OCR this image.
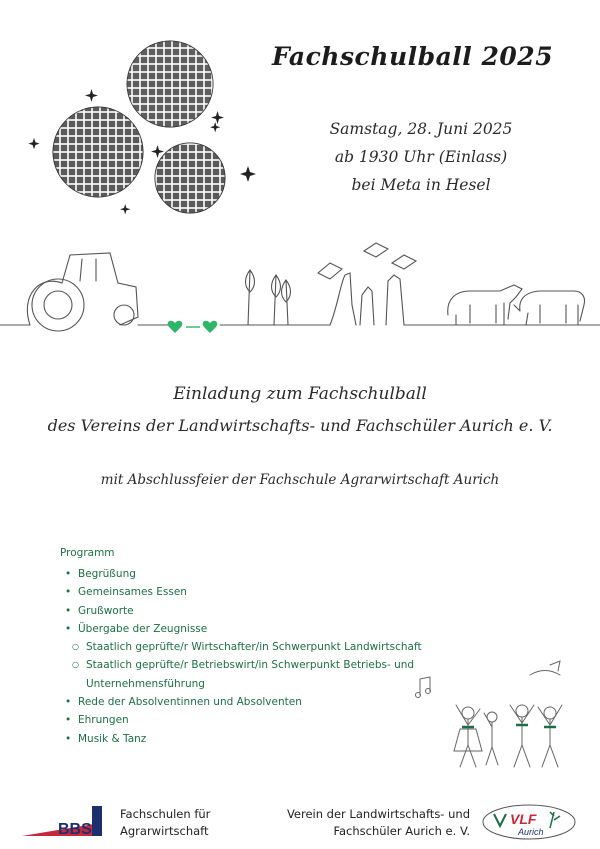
Fachschulball 2025
Samstag, 28. Juni 2025
ab 1930 Uhr (Einlass)
bei Meta in Hesel
Einladung zum Fachschulball
des Vereins der Landwirtschafts- und Fachschüler Aurich e. V.
mit Abschlussfeier der Fachschule Agrarwirtschaft Aurich
Programm
• Begrüßung
• Gemeinsames Essen
• Grußworte
• Übergabe der Zeugnisse
○ Staatlich geprüfte/r Wirtschafter/in Schwerpunkt Landwirtschaft
○ Staatlich geprüfte/r Betriebswirt/in Schwerpunkt Betriebs- und
Unternehmensführung
• Rede der Absolventinnen und Absolventen
• Ehrungen
• Musik & Tanz
BBS
Fachschulen für
Agrarwirtschaft
Verein der Landwirtschafts- und
Fachschüler Aurich e. V.
VLF
Aurich
